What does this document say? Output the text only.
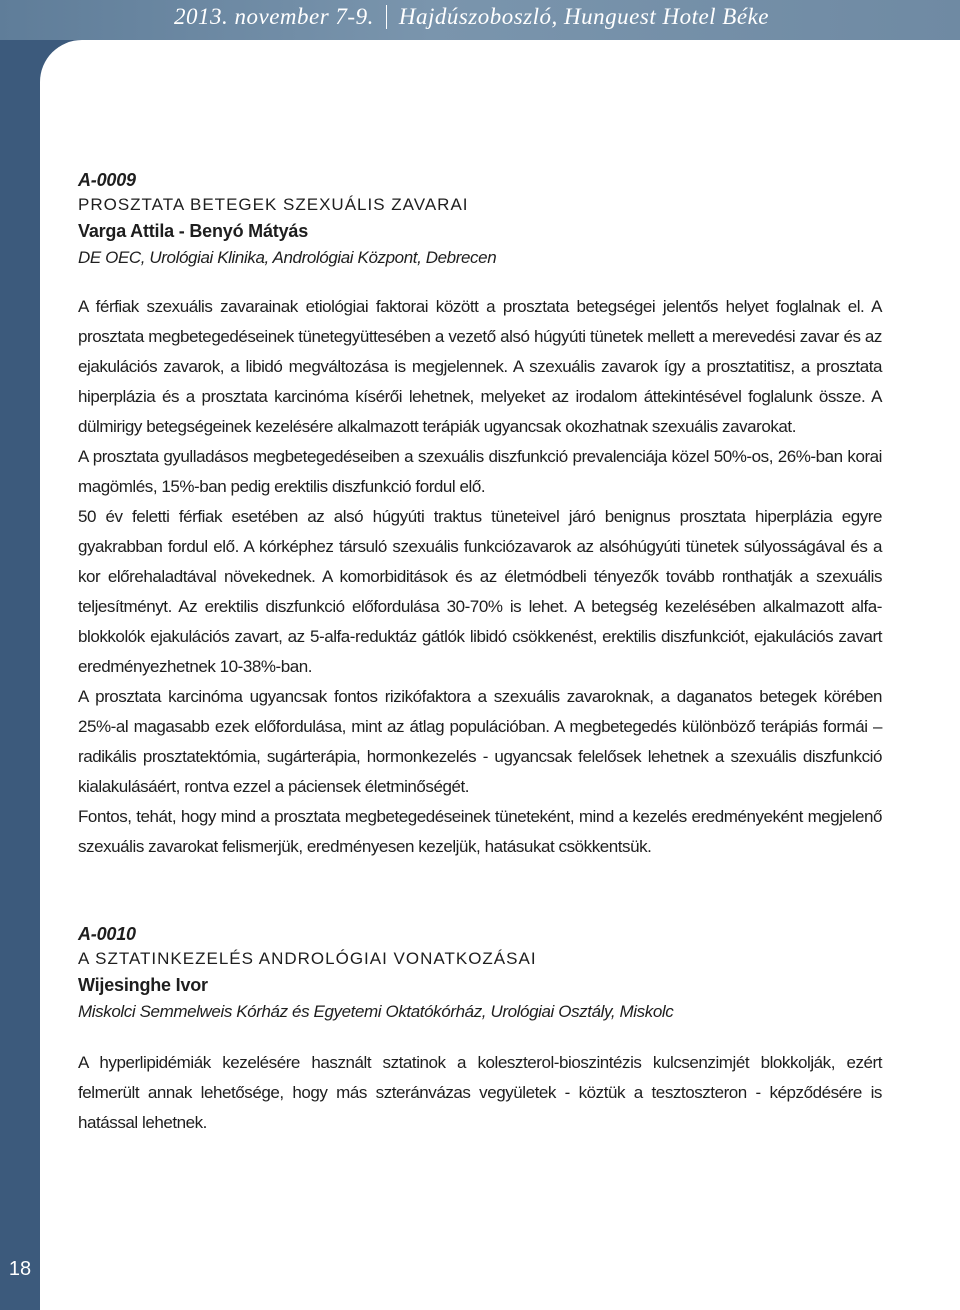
2013. november 7-9. Hajdúszoboszló, Hunguest Hotel Béke
A-0009
PROSZTATA BETEGEK SZEXUÁLIS ZAVARAI
Varga Attila - Benyó Mátyás
DE OEC, Urológiai Klinika, Andrológiai Központ, Debrecen

A férfiak szexuális zavarainak etiológiai faktorai között a prosztata betegségei jelentős helyet foglalnak el. A prosztata megbetegedéseinek tünetegyüttesében a vezető alsó húgyúti tünetek mellett a merevedési zavar és az ejakulációs zavarok, a libidó megváltozása is megjelennek. A szexuális zavarok így a prosztatitisz, a prosztata hiperplázia és a prosztata karcinóma kísérői lehetnek, melyeket az irodalom áttekintésével foglalunk össze. A dülmirigy betegségeinek kezelésére alkalmazott terápiák ugyancsak okozhatnak szexuális zavarokat.

A prosztata gyulladásos megbetegedéseiben a szexuális diszfunkció prevalenciája közel 50%-os, 26%-ban korai magömlés, 15%-ban pedig erektilis diszfunkció fordul elő.

50 év feletti férfiak esetében az alsó húgyúti traktus tüneteivel járó benignus prosztata hiperplázia egyre gyakrabban fordul elő. A kórképhez társuló szexuális funkciózavarok az alsóhúgyúti tünetek súlyosságával és a kor előrehaladtával növekednek. A komorbiditások és az életmódbeli tényezők tovább ronthatják a szexuális teljesítményt. Az erektilis diszfunkció előfordulása 30-70% is lehet. A betegség kezelésében alkalmazott alfa-blokkolók ejakulációs zavart, az 5-alfa-reduktáz gátlók libidó csökkenést, erektilis diszfunkciót, ejakulációs zavart eredményezhetnek 10-38%-ban.

A prosztata karcinóma ugyancsak fontos rizikófaktora a szexuális zavaroknak, a daganatos betegek körében 25%-al magasabb ezek előfordulása, mint az átlag populációban. A megbetegedés különböző terápiás formái – radikális prosztatektómia, sugárterápia, hormonkezelés - ugyancsak felelősek lehetnek a szexuális diszfunkció kialakulásáért, rontva ezzel a páciensek életminőségét.

Fontos, tehát, hogy mind a prosztata megbetegedéseinek tüneteként, mind a kezelés eredményeként megjelenő szexuális zavarokat felismerjük, eredményesen kezeljük, hatásukat csökkentsük.

A-0010
A SZTATINKEZELÉS ANDROLÓGIAI VONATKOZÁSAI
Wijesinghe Ivor
Miskolci Semmelweis Kórház és Egyetemi Oktatókórház, Urológiai Osztály, Miskolc

A hyperlipidémiák kezelésére használt sztatinok a koleszterol-bioszintézis kulcsenzimjét blokkolják, ezért felmerült annak lehetősége, hogy más szteránvázas vegyületek - köztük a tesztoszteron - képződésére is hatással lehetnek.

18
